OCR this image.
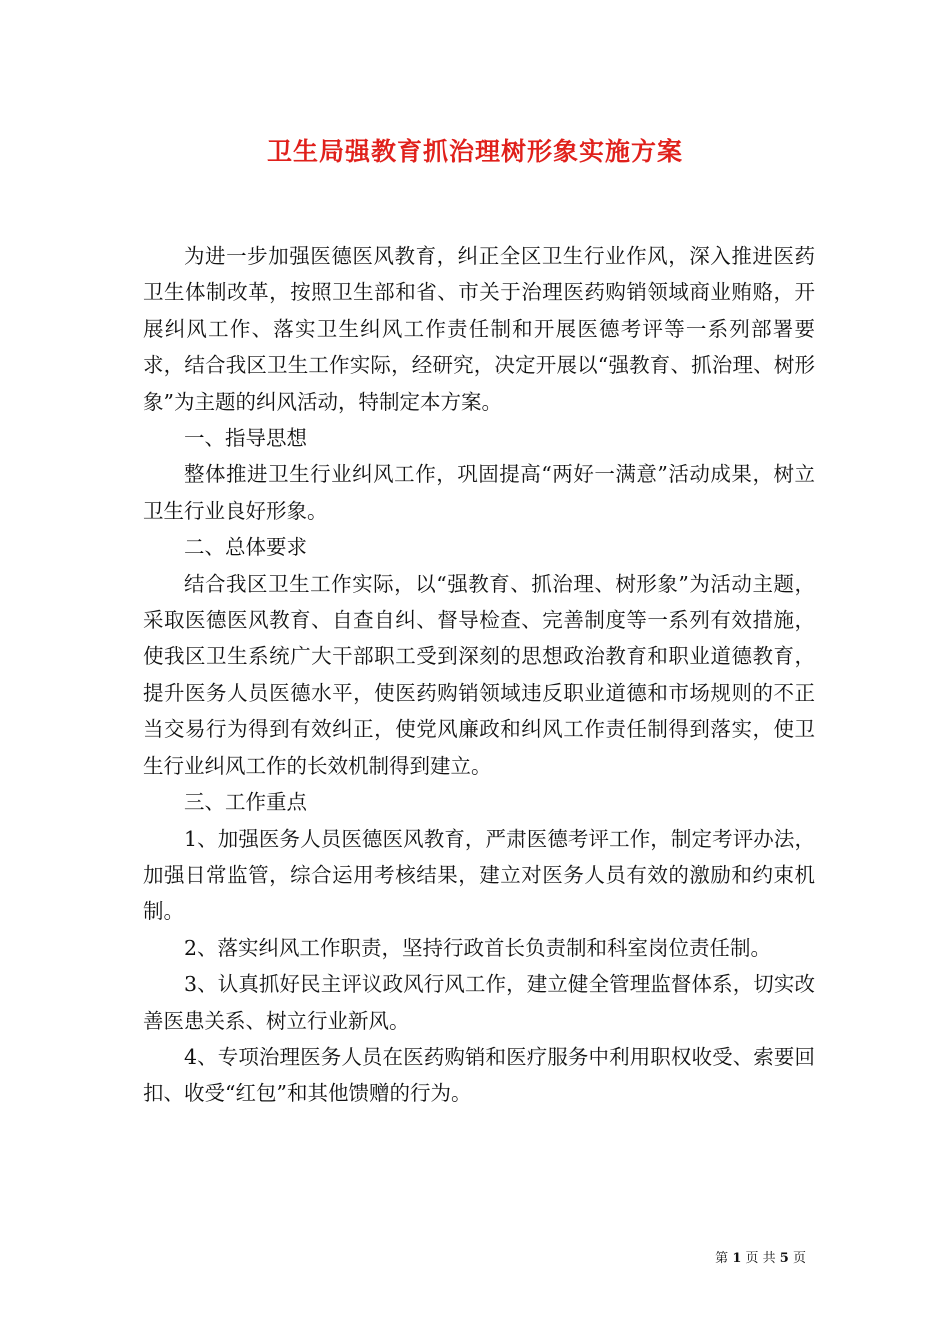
卫生局强教育抓治理树形象实施方案

为进一步加强医德医风教育，纠正全区卫生行业作风，深入推进医药卫生体制改革，按照卫生部和省、市关于治理医药购销领域商业贿赂，开展纠风工作、落实卫生纠风工作责任制和开展医德考评等一系列部署要求，结合我区卫生工作实际，经研究，决定开展以“强教育、抓治理、树形象”为主题的纠风活动，特制定本方案。

一、指导思想

整体推进卫生行业纠风工作，巩固提高“两好一满意”活动成果，树立卫生行业良好形象。

二、总体要求

结合我区卫生工作实际，以“强教育、抓治理、树形象”为活动主题，采取医德医风教育、自查自纠、督导检查、完善制度等一系列有效措施，使我区卫生系统广大干部职工受到深刻的思想政治教育和职业道德教育，提升医务人员医德水平，使医药购销领域违反职业道德和市场规则的不正当交易行为得到有效纠正，使党风廉政和纠风工作责任制得到落实，使卫生行业纠风工作的长效机制得到建立。

三、工作重点

1、加强医务人员医德医风教育，严肃医德考评工作，制定考评办法，加强日常监管，综合运用考核结果，建立对医务人员有效的激励和约束机制。

2、落实纠风工作职责，坚持行政首长负责制和科室岗位责任制。

3、认真抓好民主评议政风行风工作，建立健全管理监督体系，切实改善医患关系、树立行业新风。

4、专项治理医务人员在医药购销和医疗服务中利用职权收受、索要回扣、收受“红包”和其他馈赠的行为。

第 1 页 共 5 页
